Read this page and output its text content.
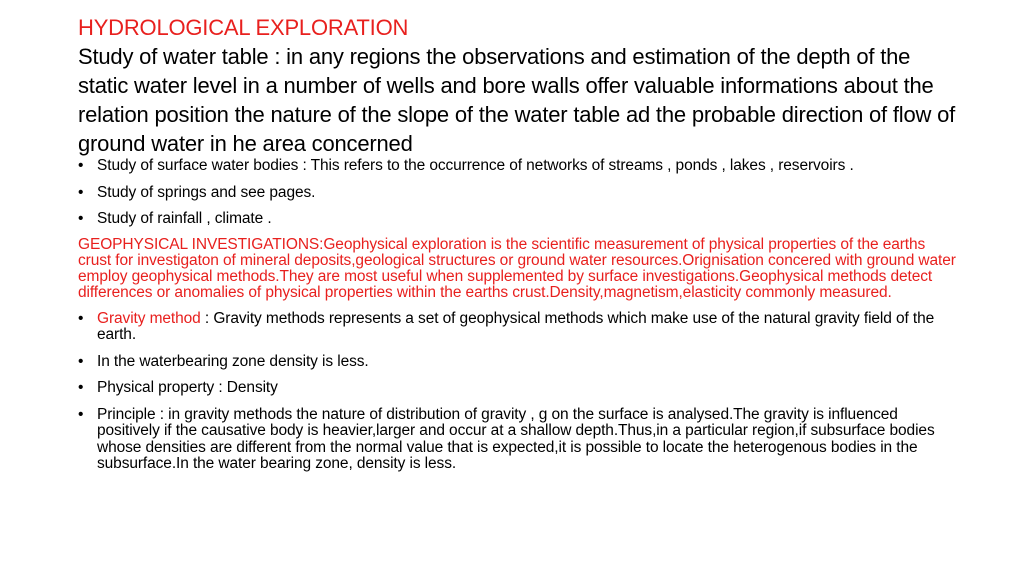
HYDROLOGICAL EXPLORATION

Study of water table : in any regions the observations and estimation of the depth of the static water level in a number of wells and bore walls offer valuable informations about the relation position the nature of the slope of the water table ad the probable direction of flow of ground water in he area concerned

• Study of surface water bodies : This refers to the occurrence of networks of streams , ponds , lakes , reservoirs .
• Study of springs and see pages.
• Study of rainfall , climate .
GEOPHYSICAL INVESTIGATIONS:Geophysical exploration is the scientific measurement of physical properties of the earths crust for investigaton of mineral deposits,geological structures or ground water resources.Orignisation concered with ground water employ geophysical methods.They are most useful when supplemented by surface investigations.Geophysical methods detect differences or anomalies of physical properties within the earths crust.Density,magnetism,elasticity commonly measured.
• Gravity method : Gravity methods represents a set of geophysical methods which make use of the natural gravity field of the earth.
• In the waterbearing zone density is less.
• Physical property : Density
• Principle : in gravity methods the nature of distribution of gravity , g on the surface is analysed.The gravity is influenced positively if the causative body is heavier,larger and occur at a shallow depth.Thus,in a particular region,if subsurface bodies whose densities are different from the normal value that is expected,it is possible to locate the heterogenous bodies in the subsurface.In the water bearing zone, density is less.
